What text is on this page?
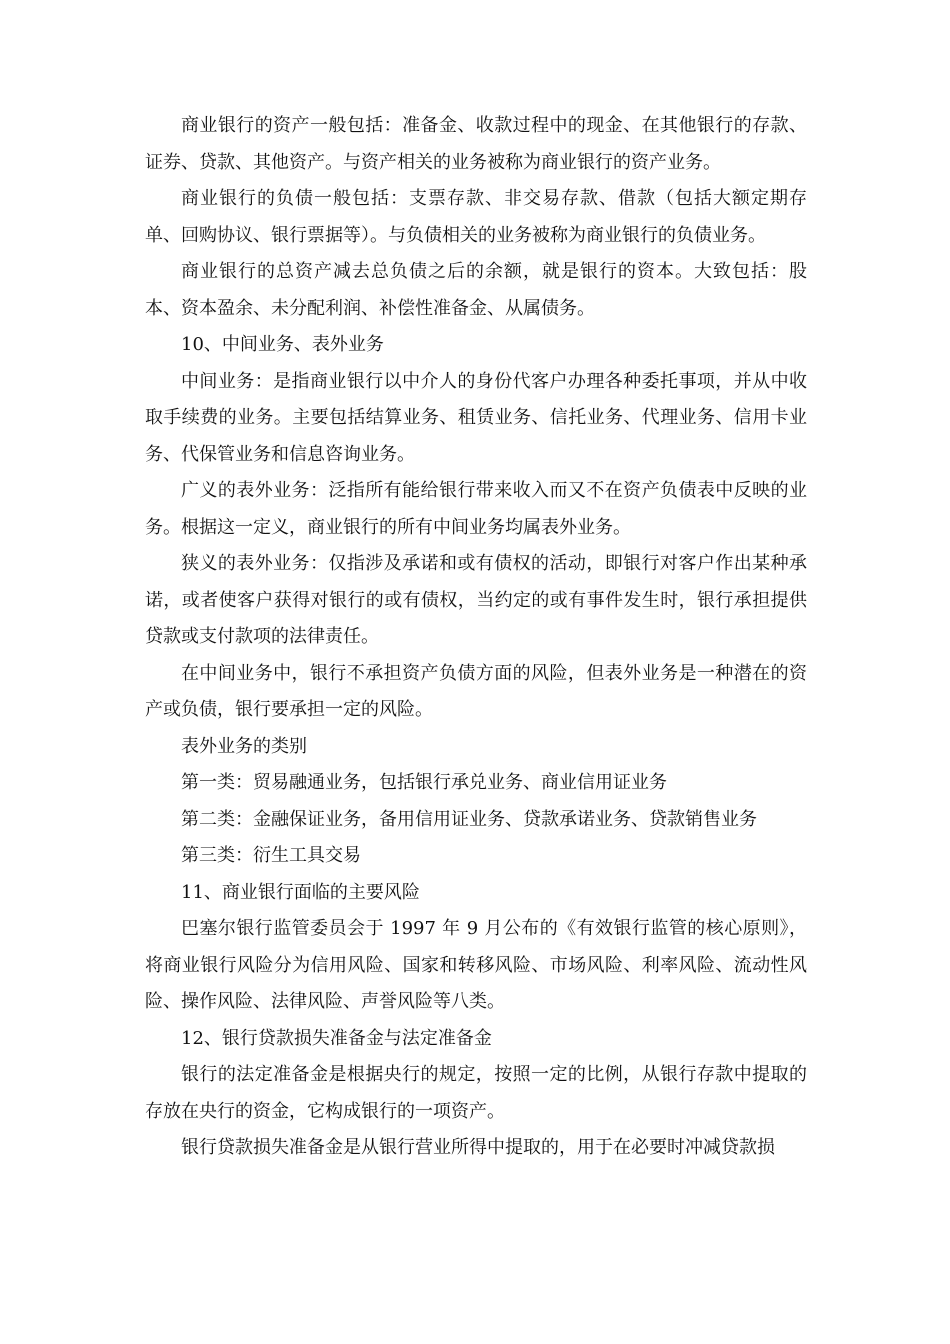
商业银行的资产一般包括：准备金、收款过程中的现金、在其他银行的存款、证券、贷款、其他资产。与资产相关的业务被称为商业银行的资产业务。

商业银行的负债一般包括：支票存款、非交易存款、借款（包括大额定期存单、回购协议、银行票据等）。与负债相关的业务被称为商业银行的负债业务。

商业银行的总资产减去总负债之后的余额，就是银行的资本。大致包括：股本、资本盈余、未分配利润、补偿性准备金、从属债务。

10、中间业务、表外业务

中间业务：是指商业银行以中介人的身份代客户办理各种委托事项，并从中收取手续费的业务。主要包括结算业务、租赁业务、信托业务、代理业务、信用卡业务、代保管业务和信息咨询业务。

广义的表外业务：泛指所有能给银行带来收入而又不在资产负债表中反映的业务。根据这一定义，商业银行的所有中间业务均属表外业务。

狭义的表外业务：仅指涉及承诺和或有债权的活动，即银行对客户作出某种承诺，或者使客户获得对银行的或有债权，当约定的或有事件发生时，银行承担提供贷款或支付款项的法律责任。

在中间业务中，银行不承担资产负债方面的风险，但表外业务是一种潜在的资产或负债，银行要承担一定的风险。

表外业务的类别

第一类：贸易融通业务，包括银行承兑业务、商业信用证业务

第二类：金融保证业务，备用信用证业务、贷款承诺业务、贷款销售业务

第三类：衍生工具交易

11、商业银行面临的主要风险

巴塞尔银行监管委员会于 1997 年 9 月公布的《有效银行监管的核心原则》，将商业银行风险分为信用风险、国家和转移风险、市场风险、利率风险、流动性风险、操作风险、法律风险、声誉风险等八类。

12、银行贷款损失准备金与法定准备金

银行的法定准备金是根据央行的规定，按照一定的比例，从银行存款中提取的存放在央行的资金，它构成银行的一项资产。

银行贷款损失准备金是从银行营业所得中提取的，用于在必要时冲减贷款损
